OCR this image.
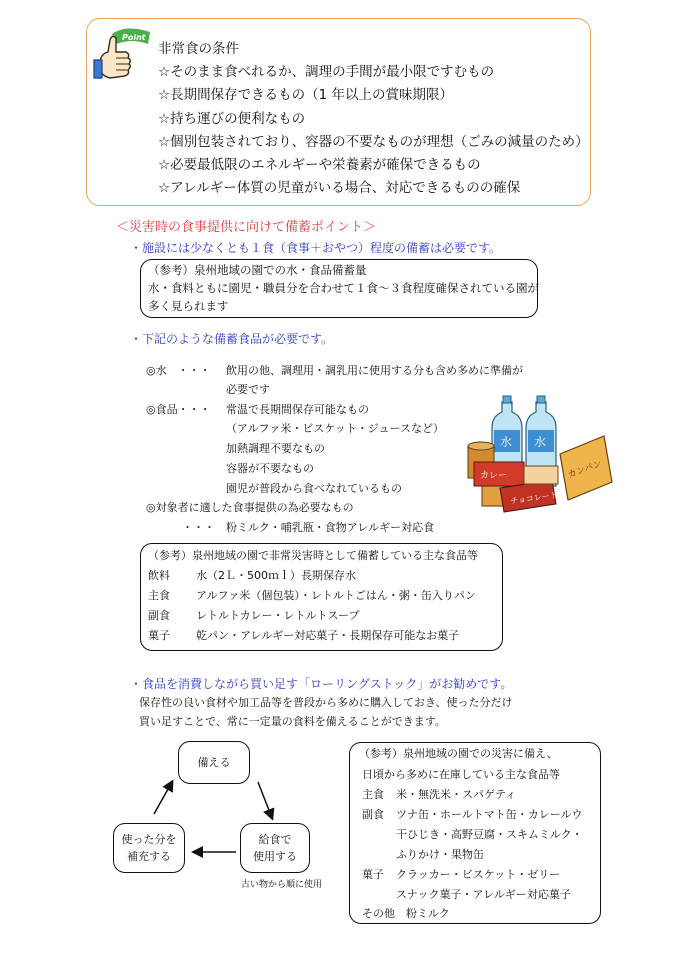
Point
非常食の条件
☆そのまま食べれるか、調理の手間が最小限ですむもの
☆長期間保存できるもの（1 年以上の賞味期限）
☆持ち運びの便利なもの
☆個別包装されており、容器の不要なものが理想（ごみの減量のため）
☆必要最低限のエネルギーや栄養素が確保できるもの
☆アレルギー体質の児童がいる場合、対応できるものの確保
＜災害時の食事提供に向けて備蓄ポイント＞
・施設には少なくとも１食（食事＋おやつ）程度の備蓄は必要です。
（参考）泉州地域の園での水・食品備蓄量
水・食料ともに園児・職員分を合わせて１食～３食程度確保されている園が
多く見られます
・下記のような備蓄食品が必要です。
◎水　・・・ 飲用の他、調理用・調乳用に使用する分も含め多めに準備が
必要です
◎食品・・・ 常温で長期間保存可能なもの
（アルファ米・ビスケット・ジュースなど）
加熱調理不要なもの
容器が不要なもの
園児が普段から食べなれているもの
◎対象者に適した食事提供の為必要なもの
・・・ 粉ミルク・哺乳瓶・食物アレルギー対応食
水 水
カレー	カンパン
チョコレート
（参考）泉州地域の園で非常災害時として備蓄している主な食品等
飲料 水（2Ｌ・500ｍｌ）長期保存水
主食 アルファ米（個包装）・レトルトごはん・粥・缶入りパン
副食 レトルトカレー・レトルトスープ
菓子 乾パン・アレルギー対応菓子・長期保存可能なお菓子
・食品を消費しながら買い足す「ローリングストック」がお勧めです。
保存性の良い食材や加工品等を普段から多めに購入しておき、使った分だけ
買い足すことで、常に一定量の食料を備えることができます。
備える
給食で
使用する
使った分を
補充する
古い物から順に使用
（参考）泉州地域の園での災害に備え、
日頃から多めに在庫している主な食品等
主食 米・無洗米・スパゲティ
副食 ツナ缶・ホールトマト缶・カレールウ
干ひじき・高野豆腐・スキムミルク・
ふりかけ・果物缶
菓子 クラッカー・ビスケット・ゼリー
スナック菓子・アレルギー対応菓子
その他 粉ミルク
